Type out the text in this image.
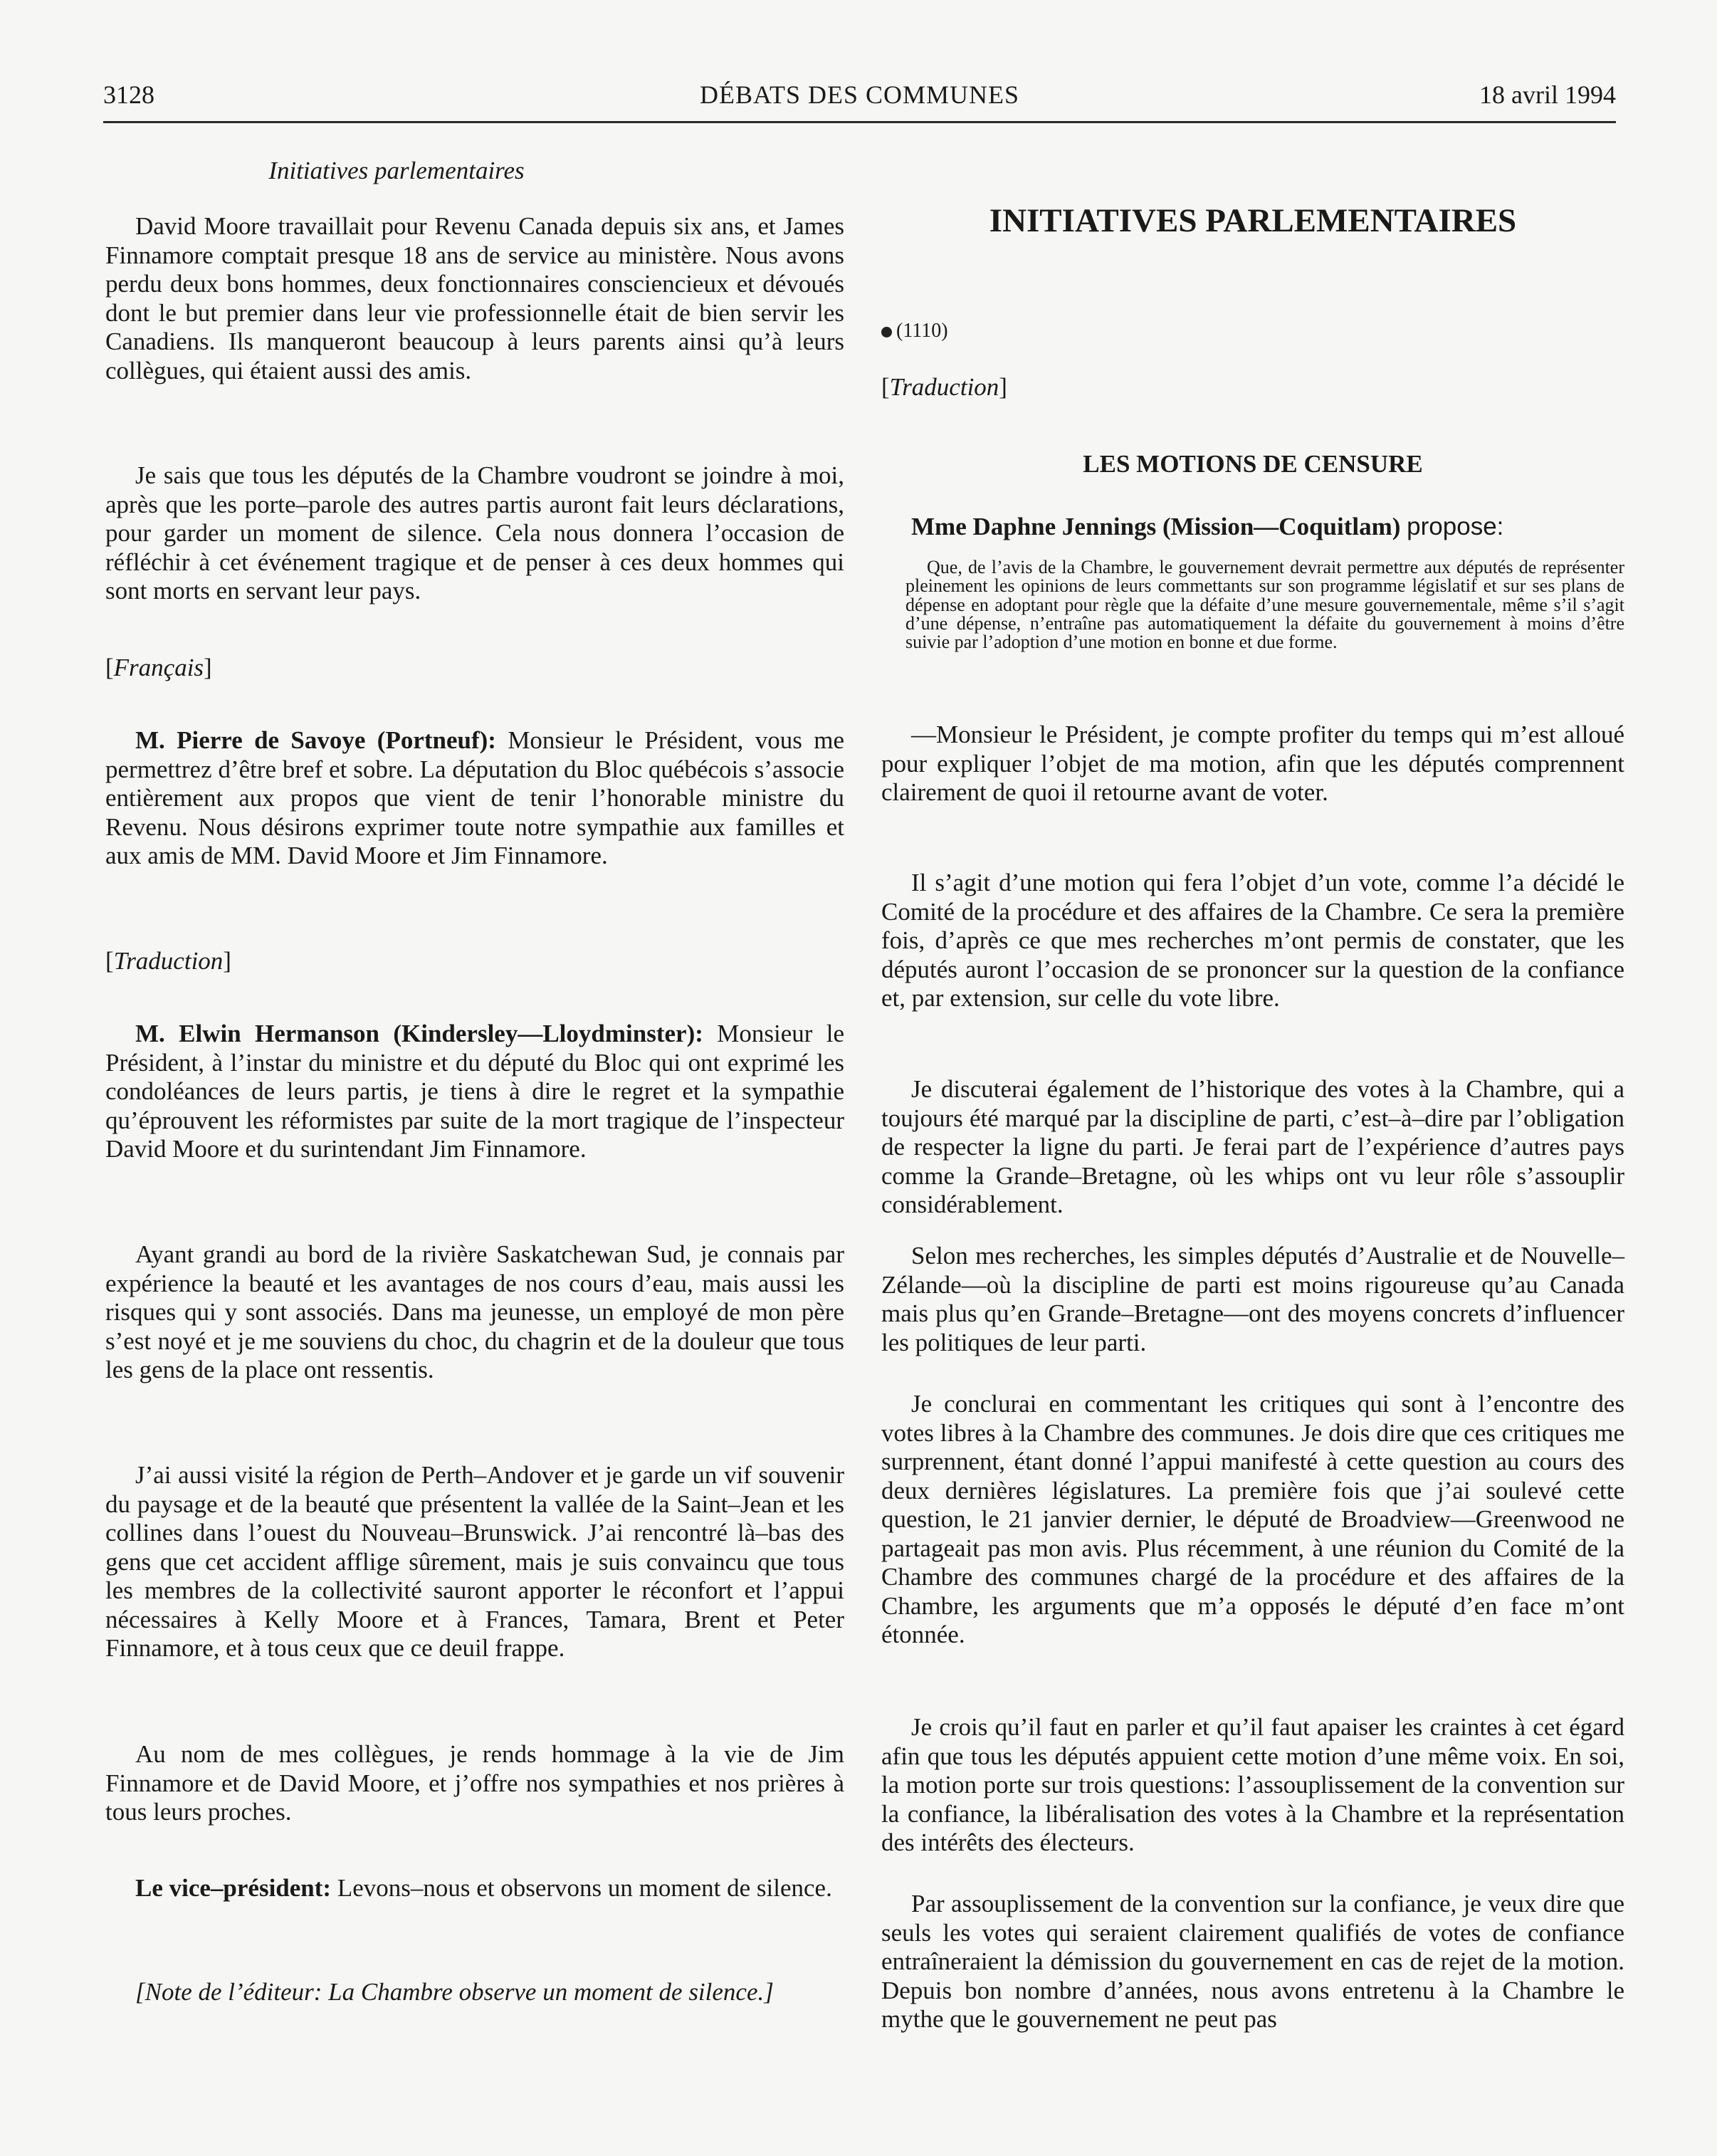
3128	DÉBATS DES COMMUNES	18 avril 1994
Initiatives parlementaires

David Moore travaillait pour Revenu Canada depuis six ans, et James Finnamore comptait presque 18 ans de service au ministère. Nous avons perdu deux bons hommes, deux fonctionnaires consciencieux et dévoués dont le but premier dans leur vie professionnelle était de bien servir les Canadiens. Ils manqueront beaucoup à leurs parents ainsi qu’à leurs collègues, qui étaient aussi des amis.

Je sais que tous les députés de la Chambre voudront se joindre à moi, après que les porte–parole des autres partis auront fait leurs déclarations, pour garder un moment de silence. Cela nous donnera l’occasion de réfléchir à cet événement tragique et de penser à ces deux hommes qui sont morts en servant leur pays.

[Français]

M. Pierre de Savoye (Portneuf): Monsieur le Président, vous me permettrez d’être bref et sobre. La députation du Bloc québécois s’associe entièrement aux propos que vient de tenir l’honorable ministre du Revenu. Nous désirons exprimer toute notre sympathie aux familles et aux amis de MM. David Moore et Jim Finnamore.

[Traduction]

M. Elwin Hermanson (Kindersley—Lloydminster): Monsieur le Président, à l’instar du ministre et du député du Bloc qui ont exprimé les condoléances de leurs partis, je tiens à dire le regret et la sympathie qu’éprouvent les réformistes par suite de la mort tragique de l’inspecteur David Moore et du surintendant Jim Finnamore.

Ayant grandi au bord de la rivière Saskatchewan Sud, je connais par expérience la beauté et les avantages de nos cours d’eau, mais aussi les risques qui y sont associés. Dans ma jeunesse, un employé de mon père s’est noyé et je me souviens du choc, du chagrin et de la douleur que tous les gens de la place ont ressentis.

J’ai aussi visité la région de Perth–Andover et je garde un vif souvenir du paysage et de la beauté que présentent la vallée de la Saint–Jean et les collines dans l’ouest du Nouveau–Brunswick. J’ai rencontré là–bas des gens que cet accident afflige sûrement, mais je suis convaincu que tous les membres de la collectivité sauront apporter le réconfort et l’appui nécessaires à Kelly Moore et à Frances, Tamara, Brent et Peter Finnamore, et à tous ceux que ce deuil frappe.

Au nom de mes collègues, je rends hommage à la vie de Jim Finnamore et de David Moore, et j’offre nos sympathies et nos prières à tous leurs proches.

Le vice–président: Levons–nous et observons un moment de silence.

[Note de l’éditeur: La Chambre observe un moment de silence.]

INITIATIVES PARLEMENTAIRES
(1110)
[Traduction]
LES MOTIONS DE CENSURE

Mme Daphne Jennings (Mission—Coquitlam) propose:

Que, de l’avis de la Chambre, le gouvernement devrait permettre aux députés de représenter pleinement les opinions de leurs commettants sur son programme législatif et sur ses plans de dépense en adoptant pour règle que la défaite d’une mesure gouvernementale, même s’il s’agit d’une dépense, n’entraîne pas automatiquement la défaite du gouvernement à moins d’être suivie par l’adoption d’une motion en bonne et due forme.

—Monsieur le Président, je compte profiter du temps qui m’est alloué pour expliquer l’objet de ma motion, afin que les députés comprennent clairement de quoi il retourne avant de voter.

Il s’agit d’une motion qui fera l’objet d’un vote, comme l’a décidé le Comité de la procédure et des affaires de la Chambre. Ce sera la première fois, d’après ce que mes recherches m’ont permis de constater, que les députés auront l’occasion de se prononcer sur la question de la confiance et, par extension, sur celle du vote libre.

Je discuterai également de l’historique des votes à la Chambre, qui a toujours été marqué par la discipline de parti, c’est–à–dire par l’obligation de respecter la ligne du parti. Je ferai part de l’expérience d’autres pays comme la Grande–Bretagne, où les whips ont vu leur rôle s’assouplir considérablement.

Selon mes recherches, les simples députés d’Australie et de Nouvelle–Zélande—où la discipline de parti est moins rigoureuse qu’au Canada mais plus qu’en Grande–Bretagne—ont des moyens concrets d’influencer les politiques de leur parti.

Je conclurai en commentant les critiques qui sont à l’encontre des votes libres à la Chambre des communes. Je dois dire que ces critiques me surprennent, étant donné l’appui manifesté à cette question au cours des deux dernières législatures. La première fois que j’ai soulevé cette question, le 21 janvier dernier, le député de Broadview—Greenwood ne partageait pas mon avis. Plus récemment, à une réunion du Comité de la Chambre des communes chargé de la procédure et des affaires de la Chambre, les arguments que m’a opposés le député d’en face m’ont étonnée.

Je crois qu’il faut en parler et qu’il faut apaiser les craintes à cet égard afin que tous les députés appuient cette motion d’une même voix. En soi, la motion porte sur trois questions: l’assouplissement de la convention sur la confiance, la libéralisation des votes à la Chambre et la représentation des intérêts des électeurs.

Par assouplissement de la convention sur la confiance, je veux dire que seuls les votes qui seraient clairement qualifiés de votes de confiance entraîneraient la démission du gouvernement en cas de rejet de la motion. Depuis bon nombre d’années, nous avons entretenu à la Chambre le mythe que le gouvernement ne peut pas
